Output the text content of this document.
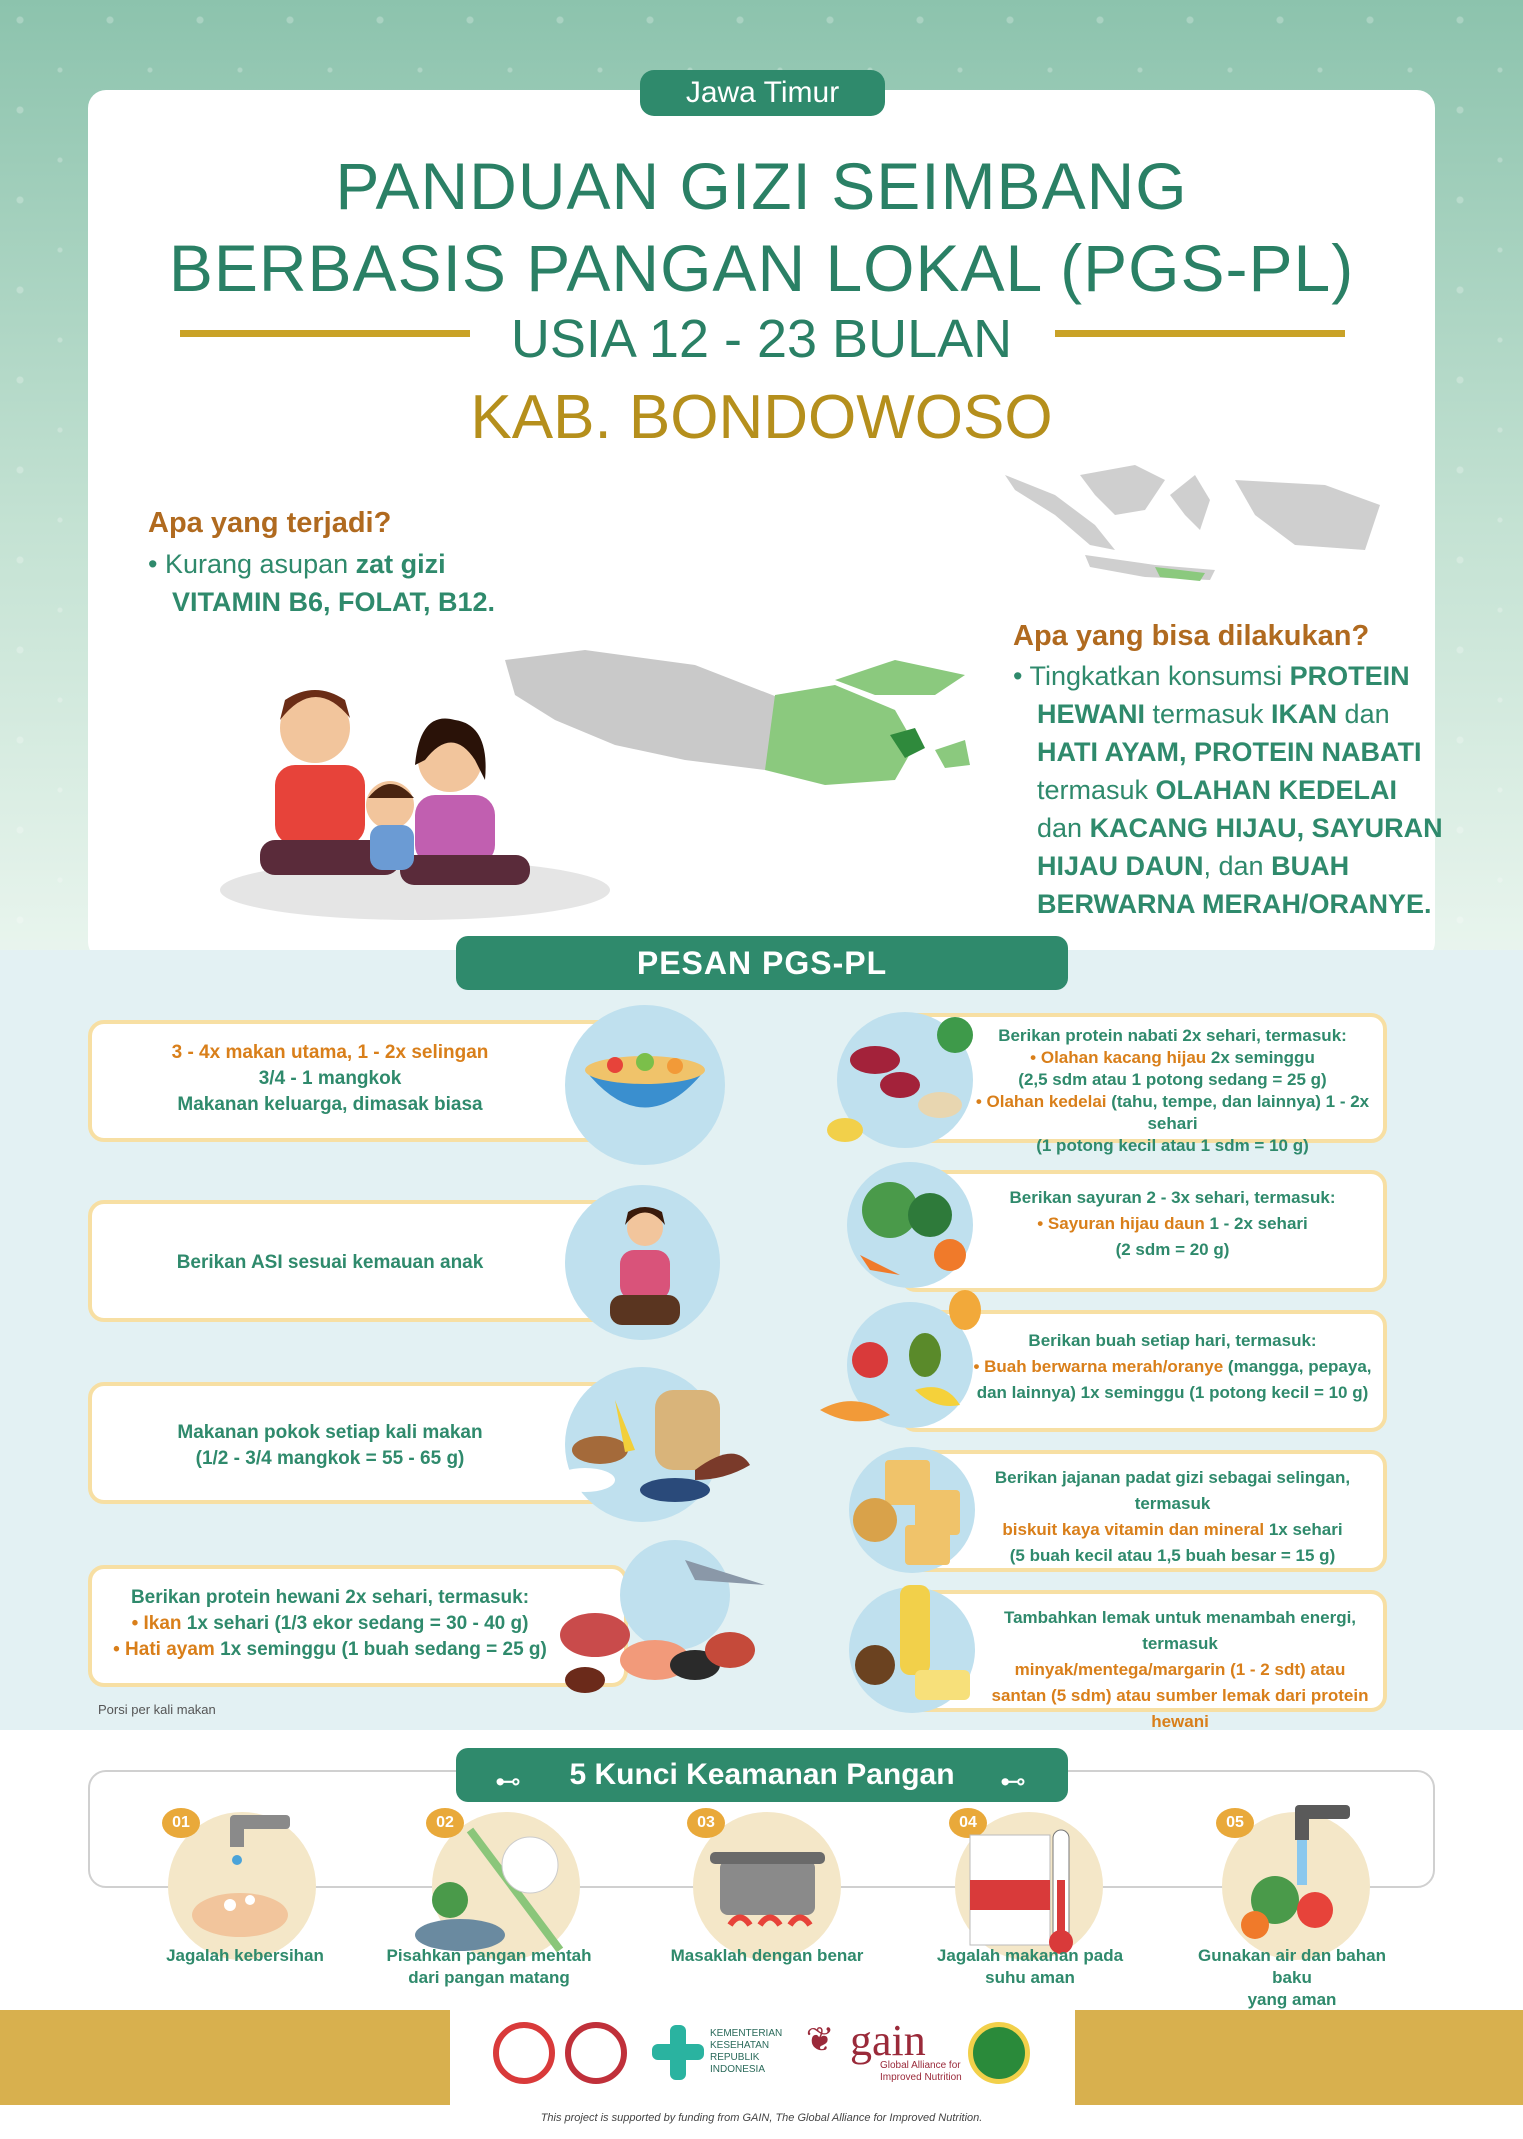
Jawa Timur
PANDUAN GIZI SEIMBANG
BERBASIS PANGAN LOKAL (PGS-PL)
USIA 12 - 23 BULAN
KAB. BONDOWOSO
Apa yang terjadi?
• Kurang asupan zat gizi
VITAMIN B6, FOLAT, B12.
Apa yang bisa dilakukan?
• Tingkatkan konsumsi PROTEIN
HEWANI termasuk IKAN dan
HATI AYAM, PROTEIN NABATI
termasuk OLAHAN KEDELAI
dan KACANG HIJAU, SAYURAN
HIJAU DAUN, dan BUAH
BERWARNA MERAH/ORANYE.
PESAN PGS-PL
3 - 4x makan utama, 1 - 2x selingan
3/4 - 1 mangkok
Makanan keluarga, dimasak biasa
Berikan ASI sesuai kemauan anak
Makanan pokok setiap kali makan
(1/2 - 3/4 mangkok = 55 - 65 g)
Berikan protein hewani 2x sehari, termasuk:
• Ikan 1x sehari (1/3 ekor sedang = 30 - 40 g)
• Hati ayam 1x seminggu (1 buah sedang = 25 g)
Porsi per kali makan
Berikan protein nabati 2x sehari, termasuk:
• Olahan kacang hijau 2x seminggu
(2,5 sdm atau 1 potong sedang = 25 g)
• Olahan kedelai (tahu, tempe, dan lainnya) 1 - 2x sehari
(1 potong kecil atau 1 sdm = 10 g)
Berikan sayuran 2 - 3x sehari, termasuk:
• Sayuran hijau daun 1 - 2x sehari
(2 sdm = 20 g)
Berikan buah setiap hari, termasuk:
• Buah berwarna merah/oranye (mangga, pepaya,
dan lainnya) 1x seminggu (1 potong kecil = 10 g)
Berikan jajanan padat gizi sebagai selingan, termasuk
biskuit kaya vitamin dan mineral 1x sehari
(5 buah kecil atau 1,5 buah besar = 15 g)
Tambahkan lemak untuk menambah energi, termasuk
minyak/mentega/margarin (1 - 2 sdt) atau
santan (5 sdm) atau sumber lemak dari protein hewani
5 Kunci Keamanan Pangan
⊷	⊷
01
Jagalah kebersihan
02
Pisahkan pangan mentah
dari pangan matang
03
Masaklah dengan benar
04
Jagalah makanan pada
suhu aman
05
Gunakan air dan bahan baku
yang aman
KEMENTERIAN
KESEHATAN
REPUBLIK
INDONESIA
❦ gain
Global Alliance for
Improved Nutrition
This project is supported by funding from GAIN, The Global Alliance for Improved Nutrition.
